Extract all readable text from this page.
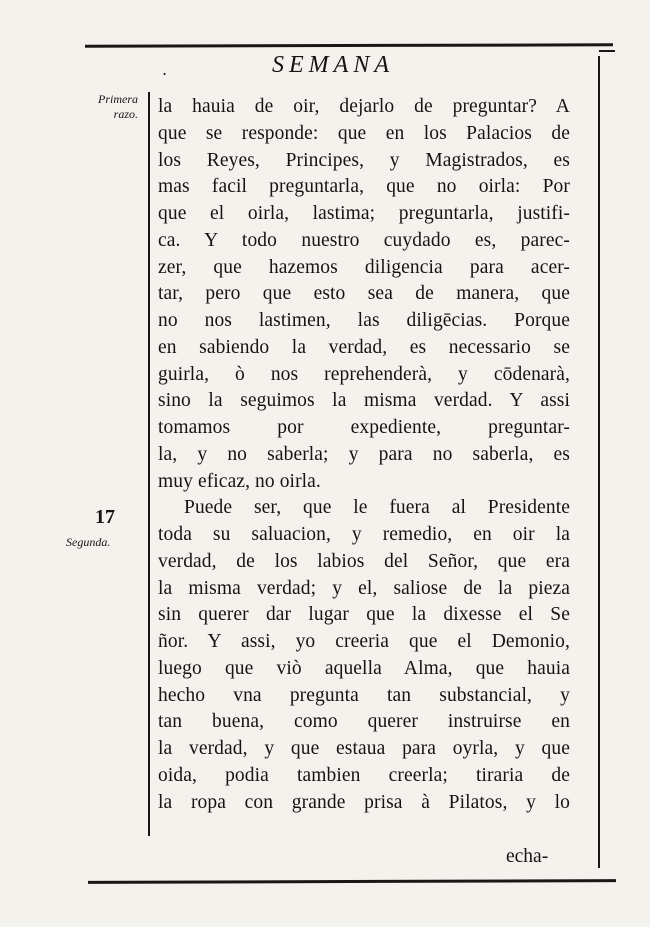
.	SEMANA
Primera
razo.
17
Segunda.
la hauia de oir, dejarlo de preguntar? A
que se responde: que en los Palacios de
los Reyes, Principes, y Magistrados, es
mas facil preguntarla, que no oirla: Por
que el oirla, lastima; preguntarla, justifi-
ca. Y todo nuestro cuydado es, parec-
zer, que hazemos diligencia para acer-
tar, pero que esto sea de manera, que
no nos lastimen, las diligēcias. Porque
en sabiendo la verdad, es necessario se
guirla, ò nos reprehenderà, y cōdenarà,
sino la seguimos la misma verdad. Y assi
tomamos por expediente, preguntar-
la, y no saberla; y para no saberla, es
muy eficaz, no oirla.
Puede ser, que le fuera al Presidente
toda su saluacion, y remedio, en oir la
verdad, de los labios del Señor, que era
la misma verdad; y el, saliose de la pieza
sin querer dar lugar que la dixesse el Se
ñor. Y assi, yo creeria que el Demonio,
luego que viò aquella Alma, que hauia
hecho vna pregunta tan substancial, y
tan buena, como querer instruirse en
la verdad, y que estaua para oyrla, y que
oida, podia tambien creerla; tiraria de
la ropa con grande prisa à Pilatos, y lo
echa-
